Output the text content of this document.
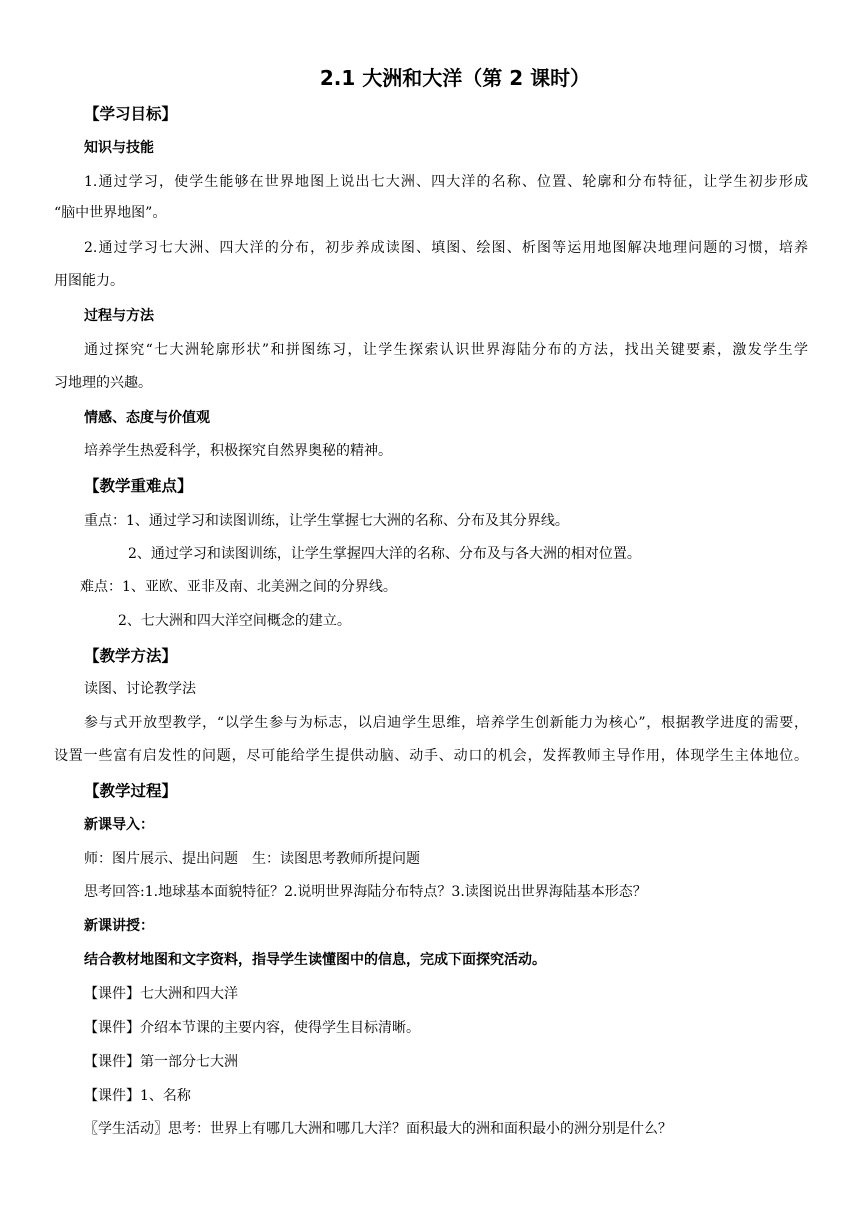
2.1 大洲和大洋（第 2 课时）
【学习目标】
知识与技能
1.通过学习，使学生能够在世界地图上说出七大洲、四大洋的名称、位置、轮廓和分布特征，让学生初步形成
“脑中世界地图”。
2.通过学习七大洲、四大洋的分布，初步养成读图、填图、绘图、析图等运用地图解决地理问题的习惯，培养
用图能力。
过程与方法
通过探究“七大洲轮廓形状”和拼图练习，让学生探索认识世界海陆分布的方法，找出关键要素，激发学生学
习地理的兴趣。
情感、态度与价值观
培养学生热爱科学，积极探究自然界奥秘的精神。
【教学重难点】
重点：1、通过学习和读图训练，让学生掌握七大洲的名称、分布及其分界线。
2、通过学习和读图训练，让学生掌握四大洋的名称、分布及与各大洲的相对位置。
难点：1、亚欧、亚非及南、北美洲之间的分界线。
2、七大洲和四大洋空间概念的建立。
【教学方法】
读图、讨论教学法
参与式开放型教学，“以学生参与为标志，以启迪学生思维，培养学生创新能力为核心”，根据教学进度的需要，
设置一些富有启发性的问题，尽可能给学生提供动脑、动手、动口的机会，发挥教师主导作用，体现学生主体地位。
【教学过程】
新课导入：
师：图片展示、提出问题　生：读图思考教师所提问题
思考回答:1.地球基本面貌特征？2.说明世界海陆分布特点？3.读图说出世界海陆基本形态？
新课讲授：
结合教材地图和文字资料，指导学生读懂图中的信息，完成下面探究活动。
【课件】七大洲和四大洋
【课件】介绍本节课的主要内容，使得学生目标清晰。
【课件】第一部分七大洲
【课件】1、名称
〖学生活动〗思考：世界上有哪几大洲和哪几大洋？面积最大的洲和面积最小的洲分别是什么？
